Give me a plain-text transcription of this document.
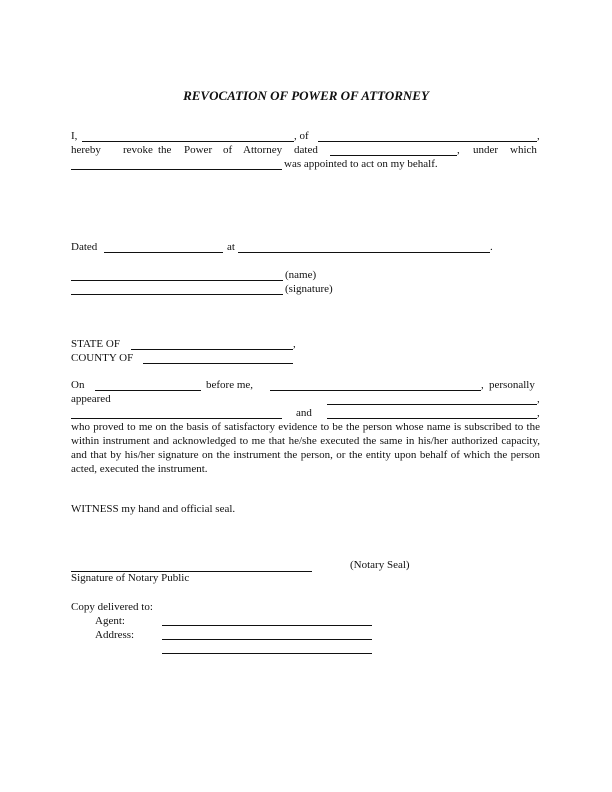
REVOCATION OF POWER OF ATTORNEY
I,	, of	,
hereby revoke the Power of Attorney dated	, under which
was appointed to act on my behalf.
Dated	at	.
(name)
(signature)
STATE OF	,
COUNTY OF
On	before me,	, personally
appeared	,
and	,
who proved to me on the basis of satisfactory evidence to be the person whose name is subscribed to the within instrument and acknowledged to me that he/she executed the same in his/her authorized capacity, and that by his/her signature on the instrument the person, or the entity upon behalf of which the person acted, executed the instrument.
WITNESS my hand and official seal.
(Notary Seal)
Signature of Notary Public
Copy delivered to:
Agent:
Address:
